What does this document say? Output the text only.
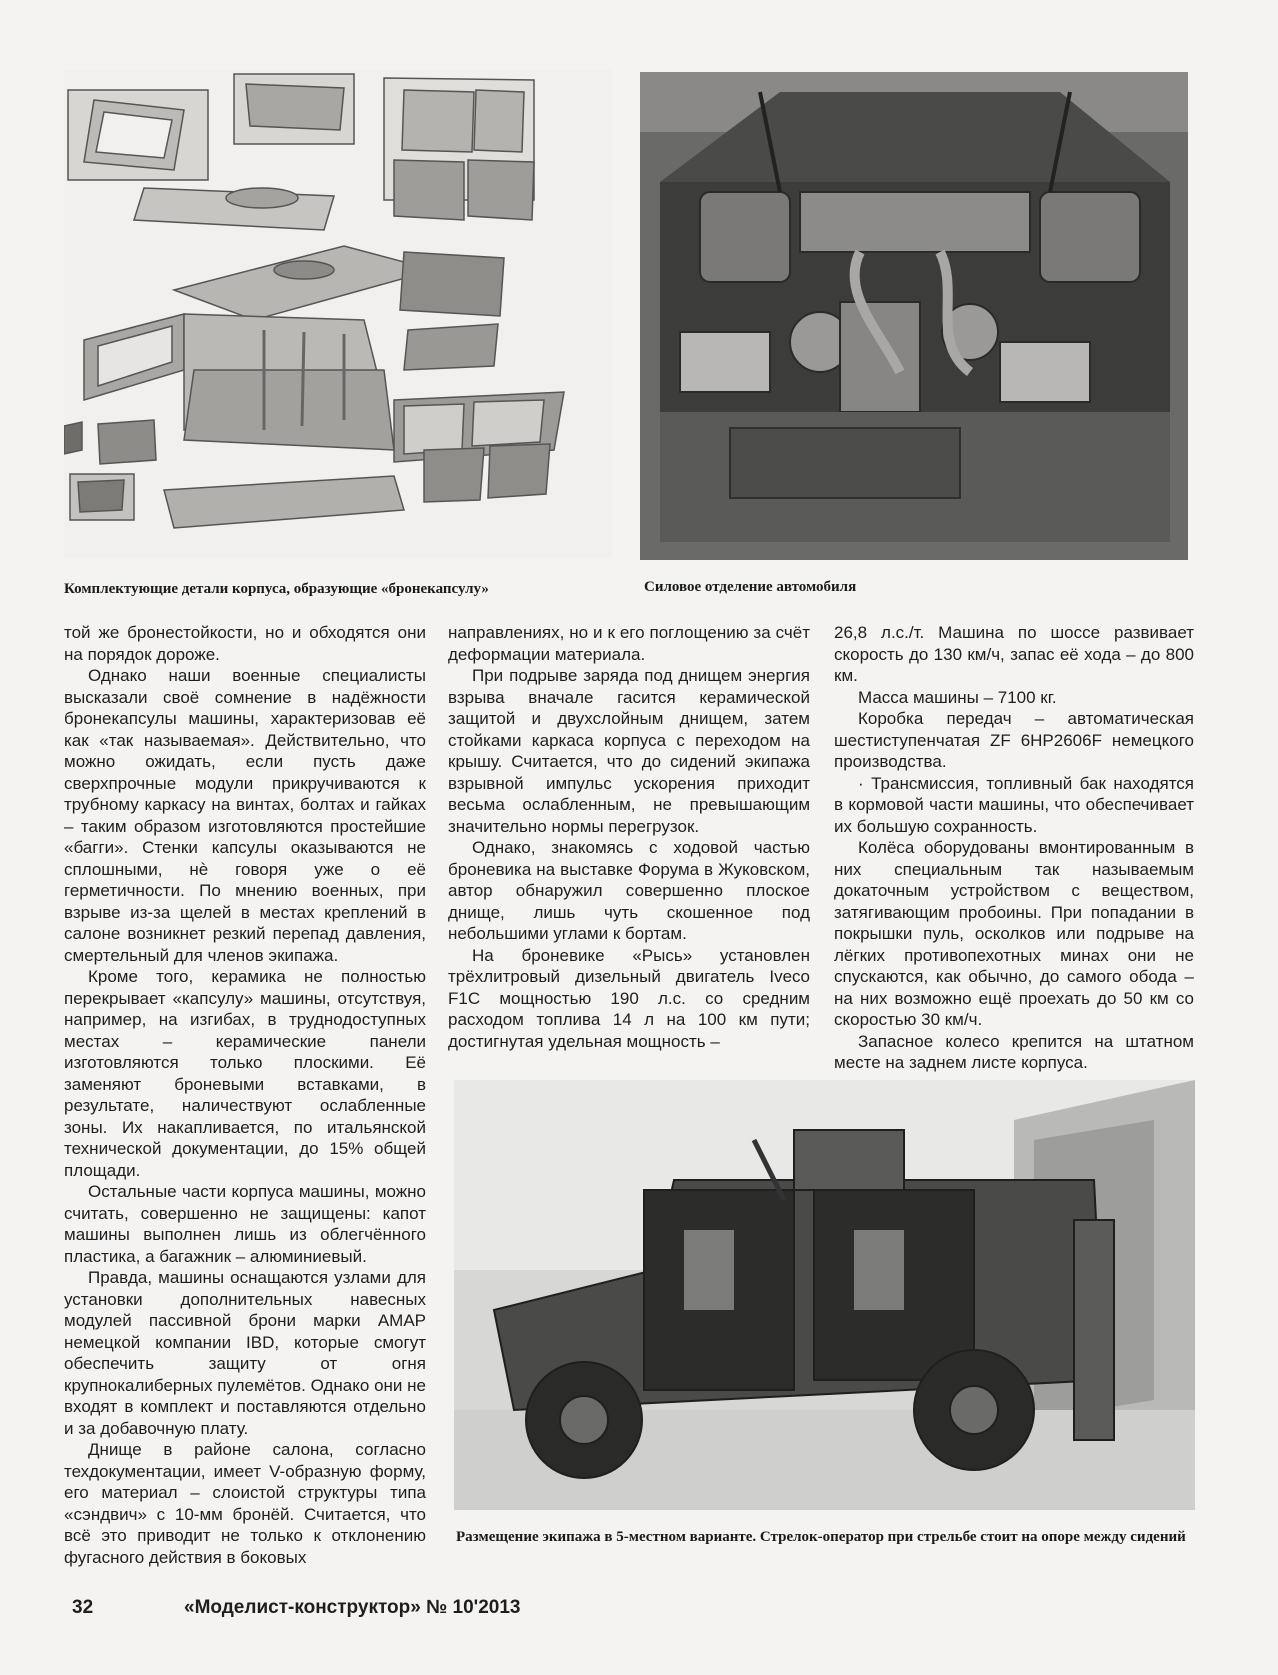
Комплектующие детали корпуса, образующие «бронекапсулу»	Силовое отделение автомобиля

той же бронестойкости, но и обходятся они на порядок дороже.

Однако наши военные специалисты высказали своё сомнение в надёжности бронекапсулы машины, характеризовав её как «так называемая». Действительно, что можно ожидать, если пусть даже сверхпрочные модули прикручиваются к трубному каркасу на винтах, болтах и гайках – таким образом изготовляются простейшие «багги». Стенки капсулы оказываются не сплошными, нѐ говоря уже о её герметичности. По мнению военных, при взрыве из-за щелей в местах креплений в салоне возникнет резкий перепад давления, смертельный для членов экипажа.

Кроме того, керамика не полностью перекрывает «капсулу» машины, отсутствуя, например, на изгибах, в труднодоступных местах – керамические панели изготовляются только плоскими. Её заменяют броневыми вставками, в результате, наличествуют ослабленные зоны. Их накапливается, по итальянской технической документации, до 15% общей площади.

Остальные части корпуса машины, можно считать, совершенно не защищены: капот машины выполнен лишь из облегчённого пластика, а багажник – алюминиевый.

Правда, машины оснащаются узлами для установки дополнительных навесных модулей пассивной брони марки AMAP немецкой компании IBD, которые смогут обеспечить защиту от огня крупнокалиберных пулемётов. Однако они не входят в комплект и поставляются отдельно и за добавочную плату.

Днище в районе салона, согласно техдокументации, имеет V-образную форму, его материал – слоистой структуры типа «сэндвич» с 10-мм бронёй. Считается, что всё это приводит не только к отклонению фугасного действия в боковых

направлениях, но и к его поглощению за счёт деформации материала.

При подрыве заряда под днищем энергия взрыва вначале гасится керамической защитой и двухслойным днищем, затем стойками каркаса корпуса с переходом на крышу. Считается, что до сидений экипажа взрывной импульс ускорения приходит весьма ослабленным, не превышающим значительно нормы перегрузок.

Однако, знакомясь с ходовой частью броневика на выставке Форума в Жуковском, автор обнаружил совершенно плоское днище, лишь чуть скошенное под небольшими углами к бортам.

На броневике «Рысь» установлен трёхлитровый дизельный двигатель Iveco F1C мощностью 190 л.с. со средним расходом топлива 14 л на 100 км пути; достигнутая удельная мощность –

26,8 л.с./т. Машина по шоссе развивает скорость до 130 км/ч, запас её хода – до 800 км.

Масса машины – 7100 кг.

Коробка передач – автоматическая шестиступенчатая ZF 6HP2606F немецкого производства.

· Трансмиссия, топливный бак находятся в кормовой части машины, что обеспечивает их большую сохранность.

Колёса оборудованы вмонтированным в них специальным так называемым докаточным устройством с веществом, затягивающим пробоины. При попадании в покрышки пуль, осколков или подрыве на лёгких противопехотных минах они не спускаются, как обычно, до самого обода – на них возможно ещё проехать до 50 км со скоростью 30 км/ч.

Запасное колесо крепится на штатном месте на заднем листе корпуса.

Размещение экипажа в 5-местном варианте. Стрелок-оператор при стрельбе стоит на опоре между сидений
32	«Моделист-конструктор» № 10'2013
